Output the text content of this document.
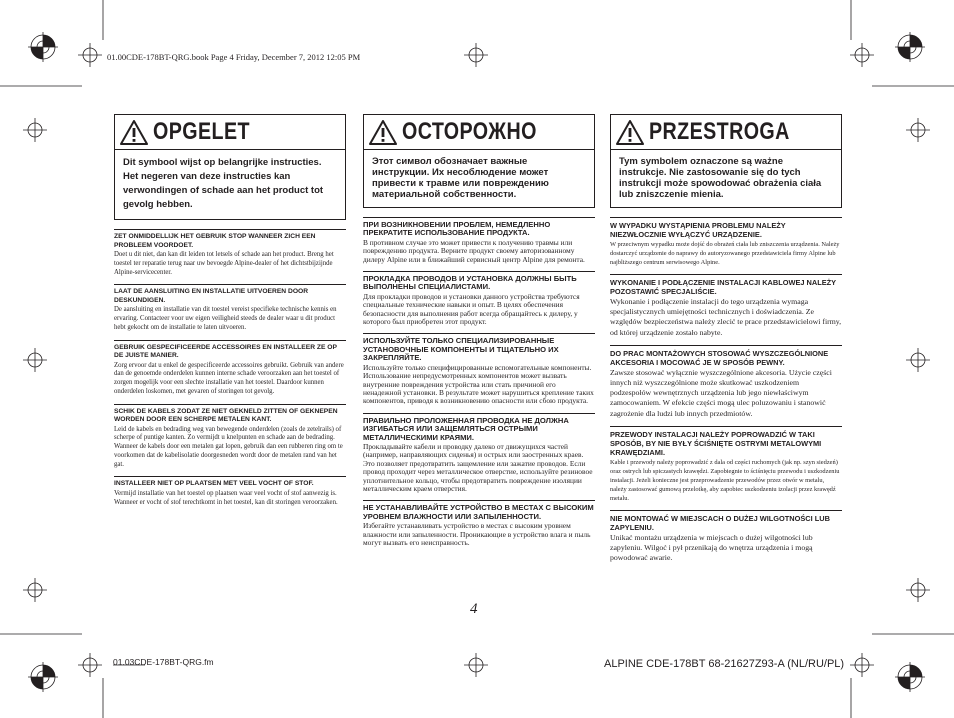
01.00CDE-178BT-QRG.book Page 4 Friday, December 7, 2012 12:05 PM
OPGELET
Dit symbool wijst op belangrijke instructies. Het negeren van deze instructies kan verwondingen of schade aan het product tot gevolg hebben.
ZET ONMIDDELLIJK HET GEBRUIK STOP WANNEER ZICH EEN PROBLEEM VOORDOET.
Doet u dit niet, dan kan dit leiden tot letsels of schade aan het product. Breng het toestel ter reparatie terug naar uw bevoegde Alpine-dealer of het dichtstbijzijnde Alpine-servicecenter.
LAAT DE AANSLUITING EN INSTALLATIE UITVOEREN DOOR DESKUNDIGEN.
De aansluiting en installatie van dit toestel vereist specifieke technische kennis en ervaring. Contacteer voor uw eigen veiligheid steeds de dealer waar u dit product hebt gekocht om de installatie te laten uitvoeren.
GEBRUIK GESPECIFICEERDE ACCESSOIRES EN INSTALLEER ZE OP DE JUISTE MANIER.
Zorg ervoor dat u enkel de gespecificeerde accessoires gebruikt. Gebruik van andere dan de genoemde onderdelen kunnen interne schade veroorzaken aan het toestel of zorgen mogelijk voor een slechte installatie van het toestel. Daardoor kunnen onderdelen loskomen, met gevaren of storingen tot gevolg.
SCHIK DE KABELS ZODAT ZE NIET GEKNELD ZITTEN OF GEKNEPEN WORDEN DOOR EEN SCHERPE METALEN KANT.
Leid de kabels en bedrading weg van bewegende onderdelen (zoals de zetelrails) of scherpe of puntige kanten. Zo vermijdt u knelpunten en schade aan de bedrading. Wanneer de kabels door een metalen gat lopen, gebruik dan een rubberen ring om te voorkomen dat de kabelisolatie doorgesneden wordt door de metalen rand van het gat.
INSTALLEER NIET OP PLAATSEN MET VEEL VOCHT OF STOF.
Vermijd installatie van het toestel op plaatsen waar veel vocht of stof aanwezig is. Wanneer er vocht of stof terechtkomt in het toestel, kan dit storingen veroorzaken.
ОСТОРОЖНО
Этот символ обозначает важные инструкции. Их несоблюдение может привести к травме или повреждению материальной собственности.
ПРИ ВОЗНИКНОВЕНИИ ПРОБЛЕМ, НЕМЕДЛЕННО ПРЕКРАТИТЕ ИСПОЛЬЗОВАНИЕ ПРОДУКТА.
В противном случае это может привести к получению травмы или повреждению продукта. Верните продукт своему авторизованному дилеру Alpine или в ближайший сервисный центр Alpine для ремонта.
ПРОКЛАДКА ПРОВОДОВ И УСТАНОВКА ДОЛЖНЫ БЫТЬ ВЫПОЛНЕНЫ СПЕЦИАЛИСТАМИ.
Для прокладки проводов и установки данного устройства требуются специальные технические навыки и опыт. В целях обеспечения безопасности для выполнения работ всегда обращайтесь к дилеру, у которого был приобретен этот продукт.
ИСПОЛЬЗУЙТЕ ТОЛЬКО СПЕЦИАЛИЗИРОВАННЫЕ УСТАНОВОЧНЫЕ КОМПОНЕНТЫ И ТЩАТЕЛЬНО ИХ ЗАКРЕПЛЯЙТЕ.
Используйте только специфицированные вспомогательные компоненты. Использование непредусмотренных компонентов может вызвать внутренние повреждения устройства или стать причиной его ненадежной установки. В результате может нарушиться крепление таких компонентов, приводя к возникновению опасности или сбою продукта.
ПРАВИЛЬНО ПРОЛОЖЕННАЯ ПРОВОДКА НЕ ДОЛЖНА ИЗГИБАТЬСЯ ИЛИ ЗАЩЕМЛЯТЬСЯ ОСТРЫМИ МЕТАЛЛИЧЕСКИМИ КРАЯМИ.
Прокладывайте кабели и проводку далеко от движущихся частей (например, направляющих сиденья) и острых или заостренных краев. Это позволяет предотвратить защемление или зажатие проводов. Если провод проходит через металлическое отверстие, используйте резиновое уплотнительное кольцо, чтобы предотвратить повреждение изоляции металлическим краем отверстия.
НЕ УСТАНАВЛИВАЙТЕ УСТРОЙСТВО В МЕСТАХ С ВЫСОКИМ УРОВНЕМ ВЛАЖНОСТИ ИЛИ ЗАПЫЛЕННОСТИ.
Избегайте устанавливать устройство в местах с высоким уровнем влажности или запыленности. Проникающие в устройство влага и пыль могут вызвать его неисправность.
PRZESTROGA
Tym symbolem oznaczone są ważne instrukcje. Nie zastosowanie się do tych instrukcji może spowodować obrażenia ciała lub zniszczenie mienia.
W WYPADKU WYSTĄPIENIA PROBLEMU NALEŻY NIEZWŁOCZNIE WYŁĄCZYĆ URZĄDZENIE.
W przeciwnym wypadku może dojść do obrażeń ciała lub zniszczenia urządzenia. Należy dostarczyć urządzenie do naprawy do autoryzowanego przedstawiciela firmy Alpine lub najbliższego centrum serwisowego Alpine.
WYKONANIE I PODŁĄCZENIE INSTALACJI KABLOWEJ NALEŻY POZOSTAWIĆ SPECJALIŚCIE.
Wykonanie i podłączenie instalacji do tego urządzenia wymaga specjalistycznych umiejętności technicznych i doświadczenia. Ze względów bezpieczeństwa należy zlecić te prace przedstawicielowi firmy, od której urządzenie zostało nabyte.
DO PRAC MONTAŻOWYCH STOSOWAĆ WYSZCZEGÓLNIONE AKCESORIA I MOCOWAĆ JE W SPOSÓB PEWNY.
Zawsze stosować wyłącznie wyszczególnione akcesoria. Użycie części innych niż wyszczególnione może skutkować uszkodzeniem podzespołów wewnętrznych urządzenia lub jego niewłaściwym zamocowaniem. W efekcie części mogą ulec poluzowaniu i stanowić zagrożenie dla ludzi lub innych przedmiotów.
PRZEWODY INSTALACJI NALEŻY POPROWADZIĆ W TAKI SPOSÓB, BY NIE BYŁY ŚCIŚNIĘTE OSTRYMI METALOWYMI KRAWĘDZIAMI.
Kable i przewody należy poprowadzić z dala od części ruchomych (jak np. szyn siedzeń) oraz ostrych lub spiczastych krawędzi. Zapobiegnie to ściśnięciu przewodu i uszkodzeniu instalacji. Jeżeli konieczne jest przeprowadzenie przewodów przez otwór w metalu, należy zastosować gumową przelotkę, aby zapobiec uszkodzeniu izolacji przez krawędź metalu.
NIE MONTOWAĆ W MIEJSCACH O DUŻEJ WILGOTNOŚCI LUB ZAPYLENIU.
Unikać montażu urządzenia w miejscach o dużej wilgotności lub zapyleniu. Wilgoć i pył przenikają do wnętrza urządzenia i mogą powodować awarie.
4
01.03CDE-178BT-QRG.fm	ALPINE CDE-178BT 68-21627Z93-A (NL/RU/PL)
